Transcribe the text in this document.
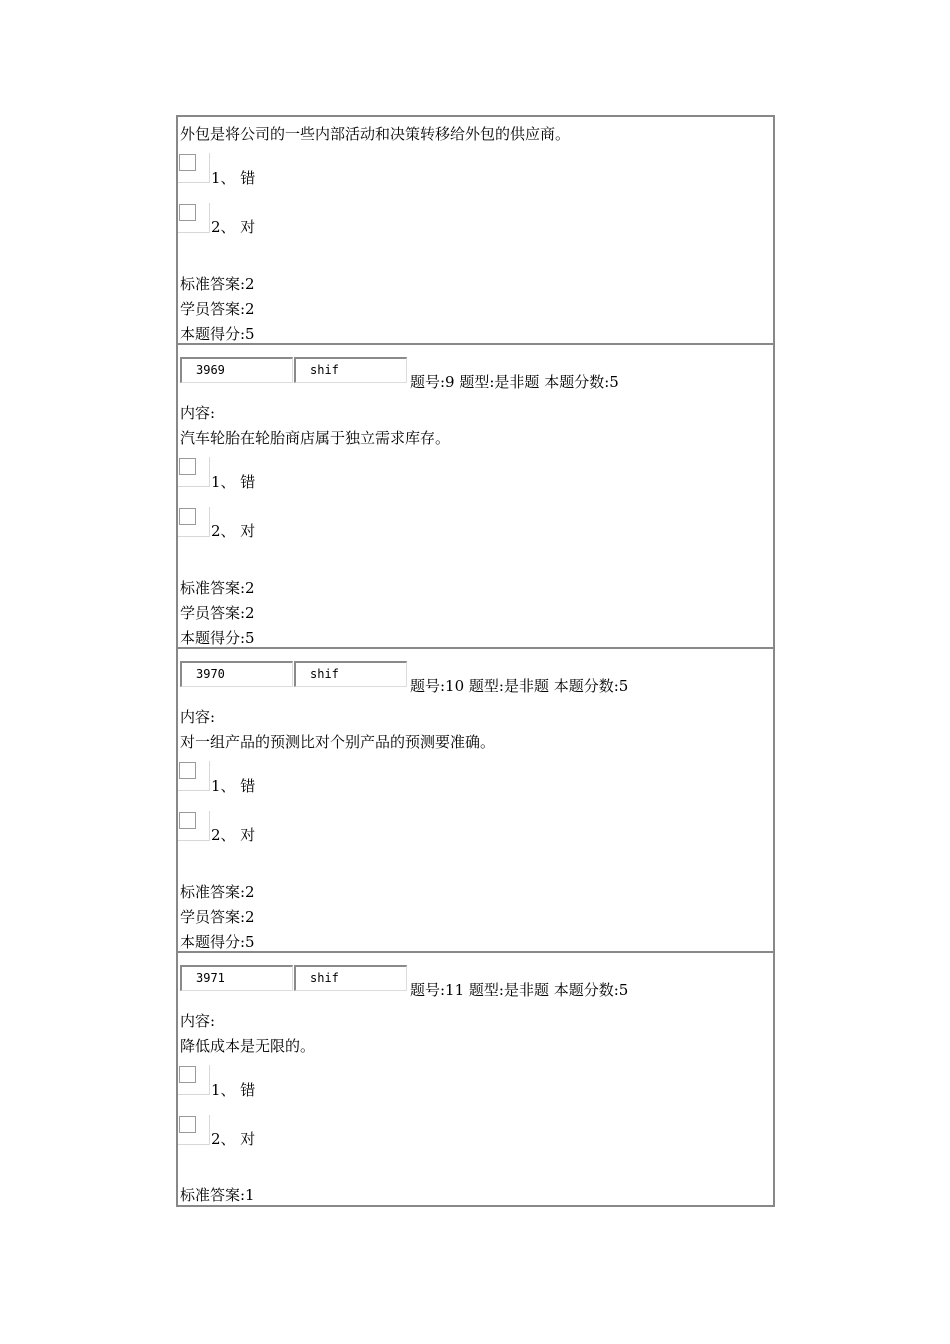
外包是将公司的一些内部活动和决策转移给外包的供应商。
1、 错
2、 对
标准答案:2
学员答案:2
本题得分:5
3969	shif
题号:9 题型:是非题 本题分数:5
内容:
汽车轮胎在轮胎商店属于独立需求库存。
1、 错
2、 对
标准答案:2
学员答案:2
本题得分:5
3970	shif
题号:10 题型:是非题 本题分数:5
内容:
对一组产品的预测比对个别产品的预测要准确。
1、 错
2、 对
标准答案:2
学员答案:2
本题得分:5
3971	shif
题号:11 题型:是非题 本题分数:5
内容:
降低成本是无限的。
1、 错
2、 对
标准答案:1
